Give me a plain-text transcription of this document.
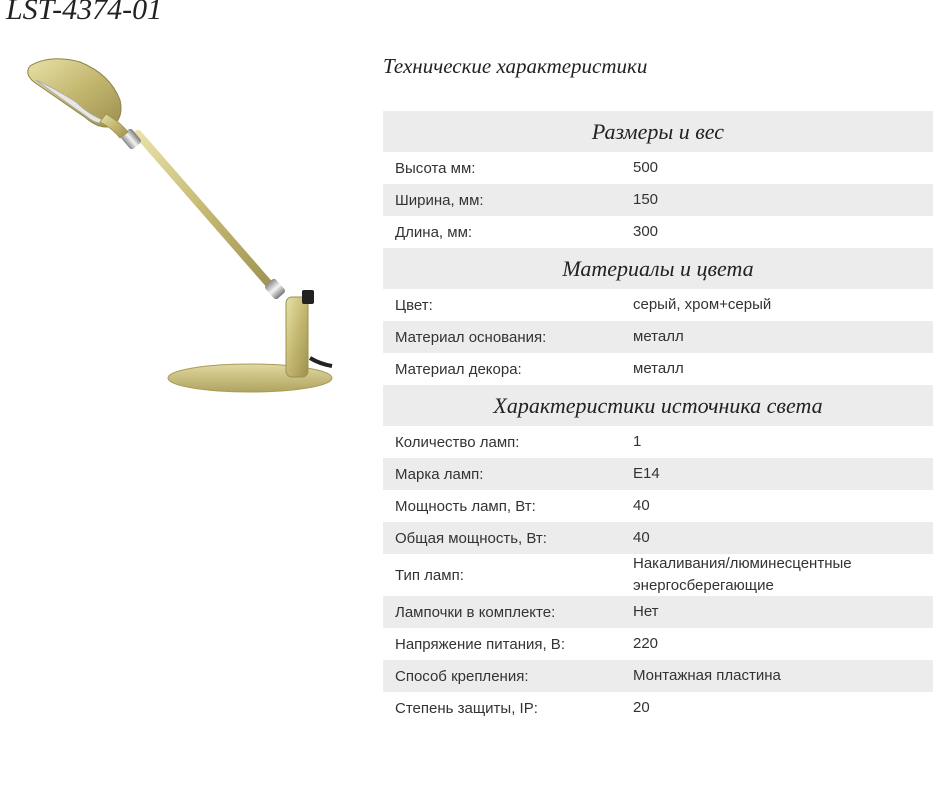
LST-4374-01
Технические характеристики
Размеры и вес
Высота мм:	500
Ширина, мм:	150
Длина, мм:	300
Материалы и цвета
Цвет:	серый, хром+серый
Материал основания:	металл
Материал декора:	металл
Характеристики источника света
Количество ламп:	1
Марка ламп:	E14
Мощность ламп, Вт:	40
Общая мощность, Вт:	40
Тип ламп:
Накаливания/люминесцентные энергосберегающие
Лампочки в комплекте:	Нет
Напряжение питания, В:	220
Способ крепления:	Монтажная пластина
Степень защиты, IP:	20
